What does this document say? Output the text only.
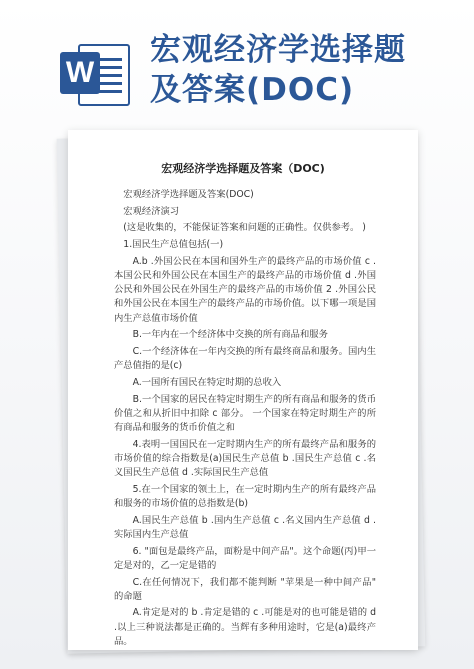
W
宏观经济学选择题
及答案(DOC)
宏观经济学选择题及答案（DOC)

宏观经济学选择题及答案(DOC)

宏观经济演习

(这是收集的，不能保证答案和问题的正确性。仅供参考。 )

1.国民生产总值包括(一)

A.b .外国公民在本国和国外生产的最终产品的市场价值 c .本国公民和外国公民在本国生产的最终产品的市场价值 d .外国公民和外国公民在外国生产的最终产品的市场价值 2 .外国公民和外国公民在本国生产的最终产品的市场价值。以下哪一项是国内生产总值市场价值

B.一年内在一个经济体中交换的所有商品和服务

C.一个经济体在一年内交换的所有最终商品和服务。国内生产总值指的是(c)

A.一国所有国民在特定时期的总收入

B.一个国家的居民在特定时期生产的所有商品和服务的货币价值之和从折旧中扣除 c 部分。 一个国家在特定时期生产的所有商品和服务的货币价值之和

4.表明一国国民在一定时期内生产的所有最终产品和服务的市场价值的综合指数是(a)国民生产总值 b .国民生产总值 c .名义国民生产总值 d .实际国民生产总值

5.在一个国家的领土上，在一定时期内生产的所有最终产品和服务的市场价值的总指数是(b)

A.国民生产总值 b .国内生产总值 c .名义国内生产总值 d .实际国内生产总值

6. "面包是最终产品，面粉是中间产品"。这个命题(丙)甲一定是对的，乙一定是错的

C.在任何情况下，我们都不能判断 "苹果是一种中间产品" 的命题

A.肯定是对的 b .肯定是错的 c .可能是对的也可能是错的 d .以上三种说法都是正确的。当辉有多种用途时，它是(a)最终产品。
